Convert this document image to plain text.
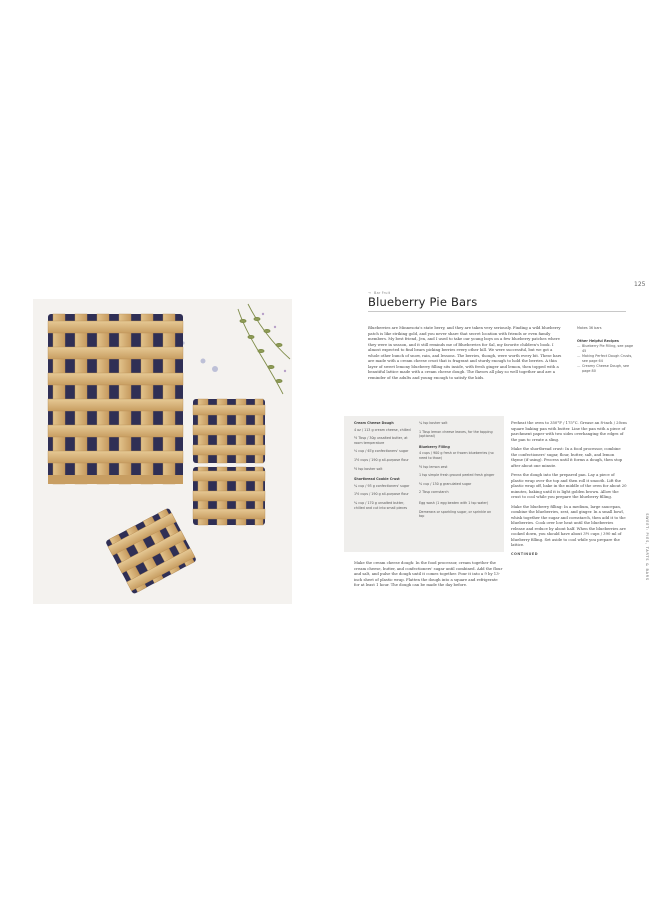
125
→ Bar Fruit
Blueberry Pie Bars

Blueberries are Minnesota's state berry, and they are taken very seriously. Finding a wild blueberry patch is like striking gold, and you never share that secret location with friends or even family members. My best friend, Jen, and I used to take our young boys on a few blueberry patches where they were in season, and it still reminds me of Blueberries for Sal, my favorite children's book. I almost expected to find bears picking berries every other hill. We were successful, but we got a whole other bunch of snow, rain, and lessons. The berries, though, were worth every bit. These bars are made with a cream cheese crust that is fragrant and sturdy enough to hold the berries. A thin layer of sweet lemony blueberry filling sits inside, with fresh ginger and lemon, then topped with a beautiful lattice made with a cream cheese dough. The flavors all play so well together and are a reminder of the adults and young enough to satisfy the kids.

Makes 36 bars

Other Helpful Recipes

— Blueberry Pie Filling, see page 45
— Making Perfect Dough Crusts, see page 64
— Creamy Cheese Dough, see page 80

Cream Cheese Dough

4 oz / 113 g cream cheese, chilled

½ Tbsp / 30g unsalted butter, at room temperature

⅓ cup / 67g confectioners' sugar

1½ cups / 190 g all-purpose flour

½ tsp kosher salt

Shortbread Cookie Crust

¾ cup / 93 g confectioners' sugar

1½ cups / 190 g all-purpose flour

¾ cup / 170 g unsalted butter, chilled and cut into small pieces

¼ tsp kosher salt

1 Tbsp lemon cheese leaves, for the topping (optional)

Blueberry Filling

4 cups / 900 g fresh or frozen blueberries (no need to thaw)

½ tsp lemon zest

1 tsp simple fresh ground peeled fresh ginger

⅔ cup / 130 g granulated sugar

2 Tbsp cornstarch

Egg wash (1 egg beaten with 1 tsp water)

Demerara or sparkling sugar, or sprinkle on top

Make the cream cheese dough: In the food processor, cream together the cream cheese, butter, and confectioners' sugar until combined. Add the flour and salt, and pulse the dough until it comes together. Pour it into a 9 by 13-inch sheet of plastic wrap. Flatten the dough into a square and refrigerate for at least 1 hour. The dough can be made the day before.

Preheat the oven to 350°F / 175°C. Grease an 8-inch / 20cm square baking pan with butter. Line the pan with a piece of parchment paper with two sides overhanging the edges of the pan to create a sling.

Make the shortbread crust: In a food processor, combine the confectioners' sugar, flour, butter, salt, and lemon thyme (if using). Process until it forms a dough, then stop after about one minute.

Press the dough into the prepared pan. Lay a piece of plastic wrap over the top and then roll it smooth. Lift the plastic wrap off, bake in the middle of the oven for about 20 minutes, baking until it is light golden brown. Allow the crust to cool while you prepare the blueberry filling.

Make the blueberry filling: In a medium, large saucepan, combine the blueberries, zest, and ginger. In a small bowl, whisk together the sugar and cornstarch, then add it to the blueberries. Cook over low heat until the blueberries release and reduce by about half. When the blueberries are cooked down, you should have about 3½ cups / 390 ml of blueberry filling. Set aside to cool while you prepare the lattice.

CONTINUED	SWEET: PIES, TARTS & BARS
